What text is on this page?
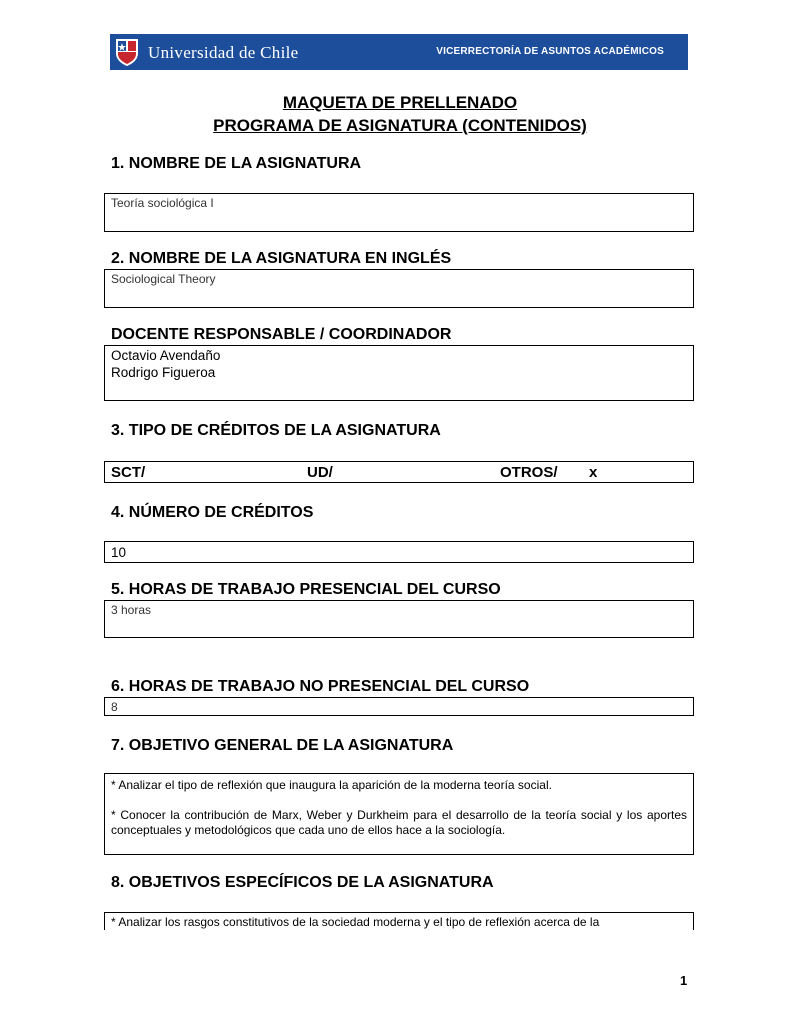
Universidad de Chile	VICERRECTORÍA DE ASUNTOS ACADÉMICOS
MAQUETA DE PRELLENADO
PROGRAMA DE ASIGNATURA (CONTENIDOS)
1. NOMBRE DE LA ASIGNATURA
Teoría sociológica I
2. NOMBRE DE LA ASIGNATURA EN INGLÉS
Sociological Theory
DOCENTE RESPONSABLE / COORDINADOR
Octavio Avendaño
Rodrigo Figueroa
3. TIPO DE CRÉDITOS DE LA ASIGNATURA
SCT/	UD/	OTROS/ x
4. NÚMERO DE CRÉDITOS
10
5. HORAS DE TRABAJO PRESENCIAL DEL CURSO
3 horas
6. HORAS DE TRABAJO NO PRESENCIAL DEL CURSO
8
7. OBJETIVO GENERAL DE LA ASIGNATURA
* Analizar el tipo de reflexión que inaugura la aparición de la moderna teoría social.
* Conocer la contribución de Marx, Weber y Durkheim para el desarrollo de la teoría social y los aportes conceptuales y metodológicos que cada uno de ellos hace a la sociología.
8. OBJETIVOS ESPECÍFICOS DE LA ASIGNATURA
* Analizar los rasgos constitutivos de la sociedad moderna y el tipo de reflexión acerca de la
1
